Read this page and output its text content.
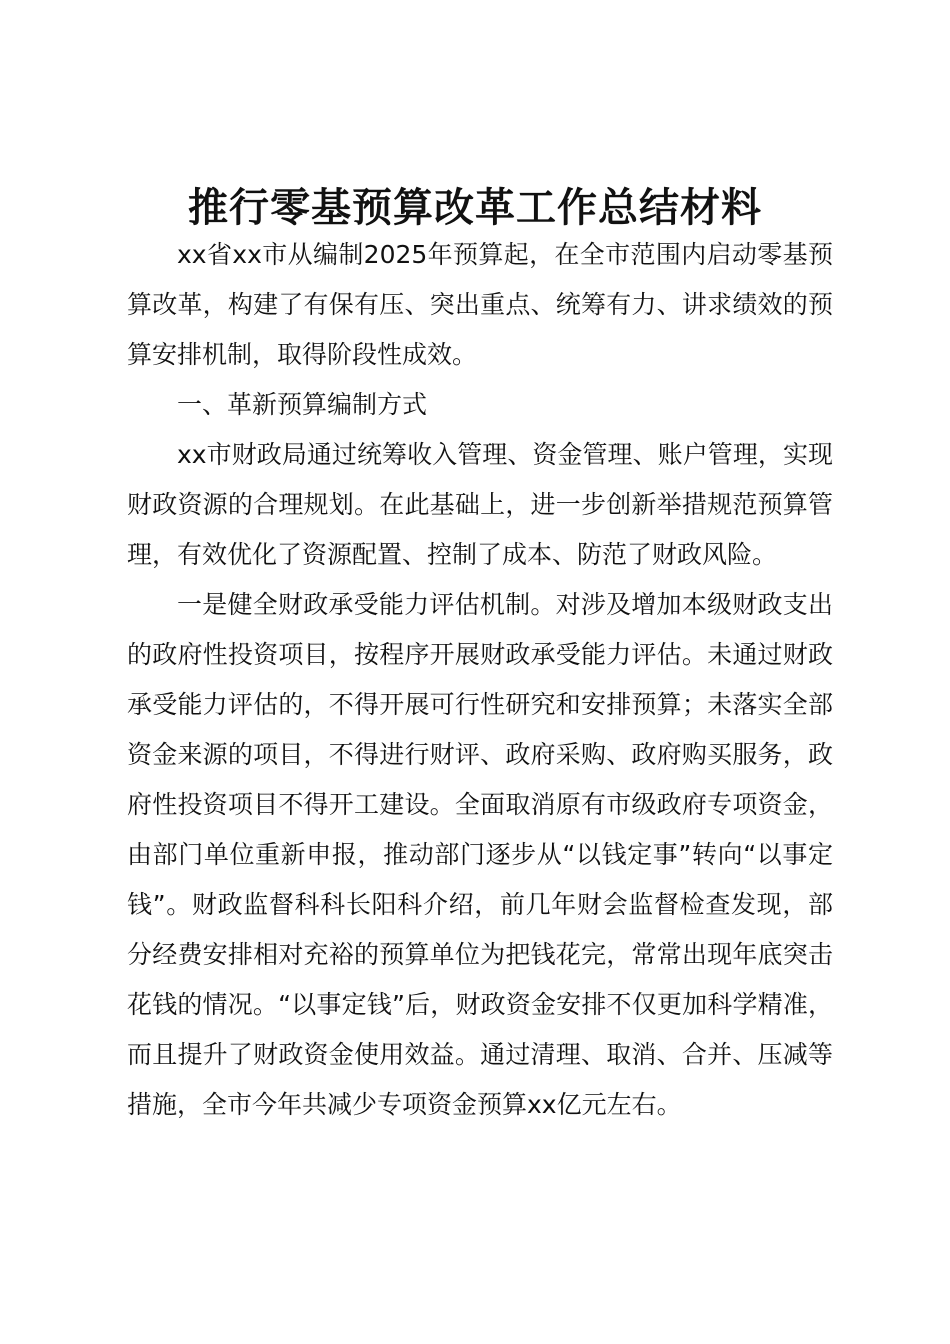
推行零基预算改革工作总结材料

xx省xx市从编制2025年预算起，在全市范围内启动零基预算改革，构建了有保有压、突出重点、统筹有力、讲求绩效的预算安排机制，取得阶段性成效。

一、革新预算编制方式

xx市财政局通过统筹收入管理、资金管理、账户管理，实现财政资源的合理规划。在此基础上，进一步创新举措规范预算管理，有效优化了资源配置、控制了成本、防范了财政风险。

一是健全财政承受能力评估机制。对涉及增加本级财政支出的政府性投资项目，按程序开展财政承受能力评估。未通过财政承受能力评估的，不得开展可行性研究和安排预算；未落实全部资金来源的项目，不得进行财评、政府采购、政府购买服务，政府性投资项目不得开工建设。全面取消原有市级政府专项资金，由部门单位重新申报，推动部门逐步从“以钱定事”转向“以事定钱”。财政监督科科长阳科介绍，前几年财会监督检查发现，部分经费安排相对充裕的预算单位为把钱花完，常常出现年底突击花钱的情况。“以事定钱”后，财政资金安排不仅更加科学精准，而且提升了财政资金使用效益。通过清理、取消、合并、压减等措施，全市今年共减少专项资金预算xx亿元左右。
